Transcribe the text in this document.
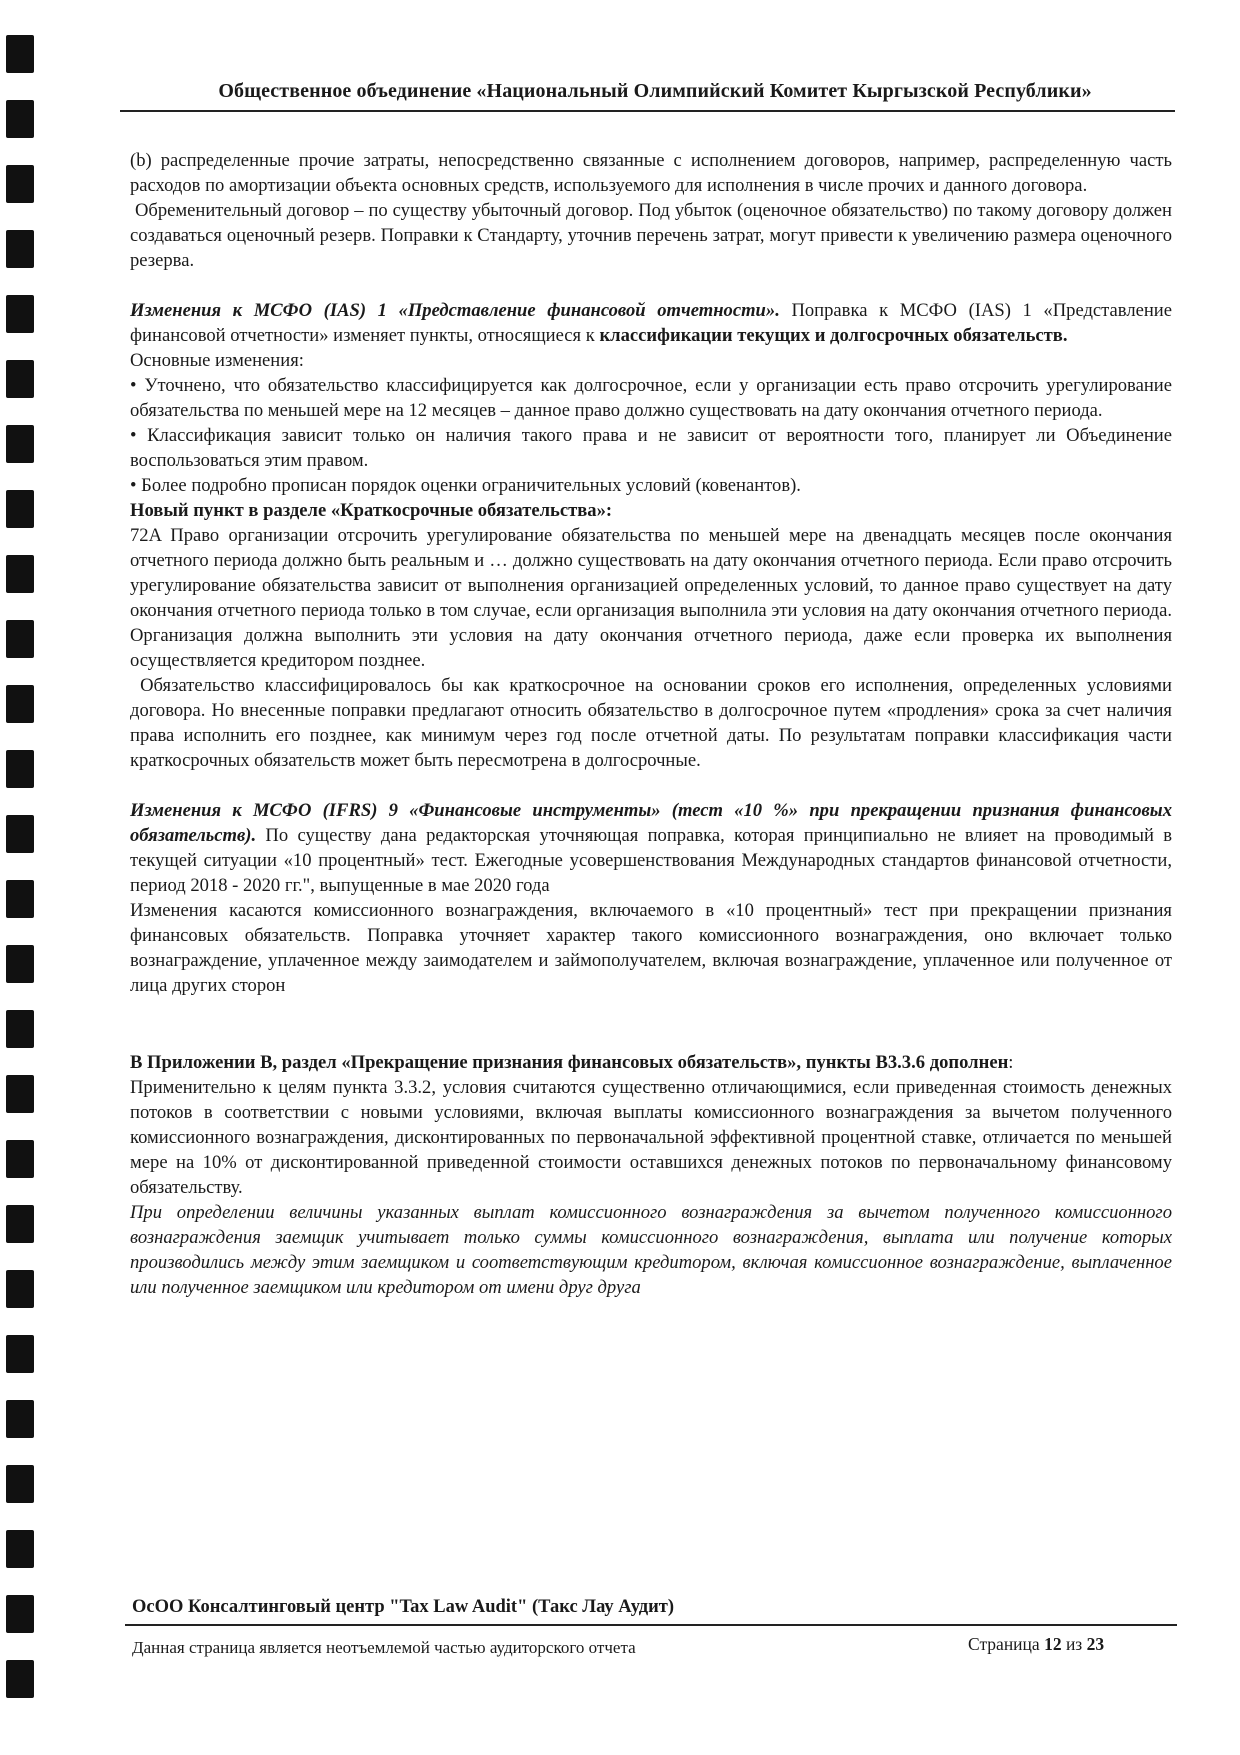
Общественное объединение «Национальный Олимпийский Комитет Кыргызской Республики»

(b) распределенные прочие затраты, непосредственно связанные с исполнением договоров, например, распределенную часть расходов по амортизации объекта основных средств, используемого для исполнения в числе прочих и данного договора.

Обременительный договор – по существу убыточный договор. Под убыток (оценочное обязательство) по такому договору должен создаваться оценочный резерв. Поправки к Стандарту, уточнив перечень затрат, могут привести к увеличению размера оценочного резерва.

Изменения к МСФО (IAS) 1 «Представление финансовой отчетности». Поправка к МСФО (IAS) 1 «Представление финансовой отчетности» изменяет пункты, относящиеся к классификации текущих и долгосрочных обязательств.

Основные изменения:

• Уточнено, что обязательство классифицируется как долгосрочное, если у организации есть право отсрочить урегулирование обязательства по меньшей мере на 12 месяцев – данное право должно существовать на дату окончания отчетного периода.

• Классификация зависит только он наличия такого права и не зависит от вероятности того, планирует ли Объединение воспользоваться этим правом.

• Более подробно прописан порядок оценки ограничительных условий (ковенантов).

Новый пункт в разделе «Краткосрочные обязательства»:

72A Право организации отсрочить урегулирование обязательства по меньшей мере на двенадцать месяцев после окончания отчетного периода должно быть реальным и … должно существовать на дату окончания отчетного периода. Если право отсрочить урегулирование обязательства зависит от выполнения организацией определенных условий, то данное право существует на дату окончания отчетного периода только в том случае, если организация выполнила эти условия на дату окончания отчетного периода. Организация должна выполнить эти условия на дату окончания отчетного периода, даже если проверка их выполнения осуществляется кредитором позднее.

Обязательство классифицировалось бы как краткосрочное на основании сроков его исполнения, определенных условиями договора. Но внесенные поправки предлагают относить обязательство в долгосрочное путем «продления» срока за счет наличия права исполнить его позднее, как минимум через год после отчетной даты. По результатам поправки классификация части краткосрочных обязательств может быть пересмотрена в долгосрочные.

Изменения к МСФО (IFRS) 9 «Финансовые инструменты» (тест «10 %» при прекращении признания финансовых обязательств). По существу дана редакторская уточняющая поправка, которая принципиально не влияет на проводимый в текущей ситуации «10 процентный» тест. Ежегодные усовершенствования Международных стандартов финансовой отчетности, период 2018 - 2020 гг.", выпущенные в мае 2020 года

Изменения касаются комиссионного вознаграждения, включаемого в «10 процентный» тест при прекращении признания финансовых обязательств. Поправка уточняет характер такого комиссионного вознаграждения, оно включает только вознаграждение, уплаченное между заимодателем и займополучателем, включая вознаграждение, уплаченное или полученное от лица других сторон

В Приложении B, раздел «Прекращение признания финансовых обязательств», пункты B3.3.6 дополнен:

Применительно к целям пункта 3.3.2, условия считаются существенно отличающимися, если приведенная стоимость денежных потоков в соответствии с новыми условиями, включая выплаты комиссионного вознаграждения за вычетом полученного комиссионного вознаграждения, дисконтированных по первоначальной эффективной процентной ставке, отличается по меньшей мере на 10% от дисконтированной приведенной стоимости оставшихся денежных потоков по первоначальному финансовому обязательству.

При определении величины указанных выплат комиссионного вознаграждения за вычетом полученного комиссионного вознаграждения заемщик учитывает только суммы комиссионного вознаграждения, выплата или получение которых производились между этим заемщиком и соответствующим кредитором, включая комиссионное вознаграждение, выплаченное или полученное заемщиком или кредитором от имени друг друга

ОсОО Консалтинговый центр "Tax Law Audit" (Такс Лау Аудит)
Данная страница является неотъемлемой частью аудиторского отчета	Страница 12 из 23
